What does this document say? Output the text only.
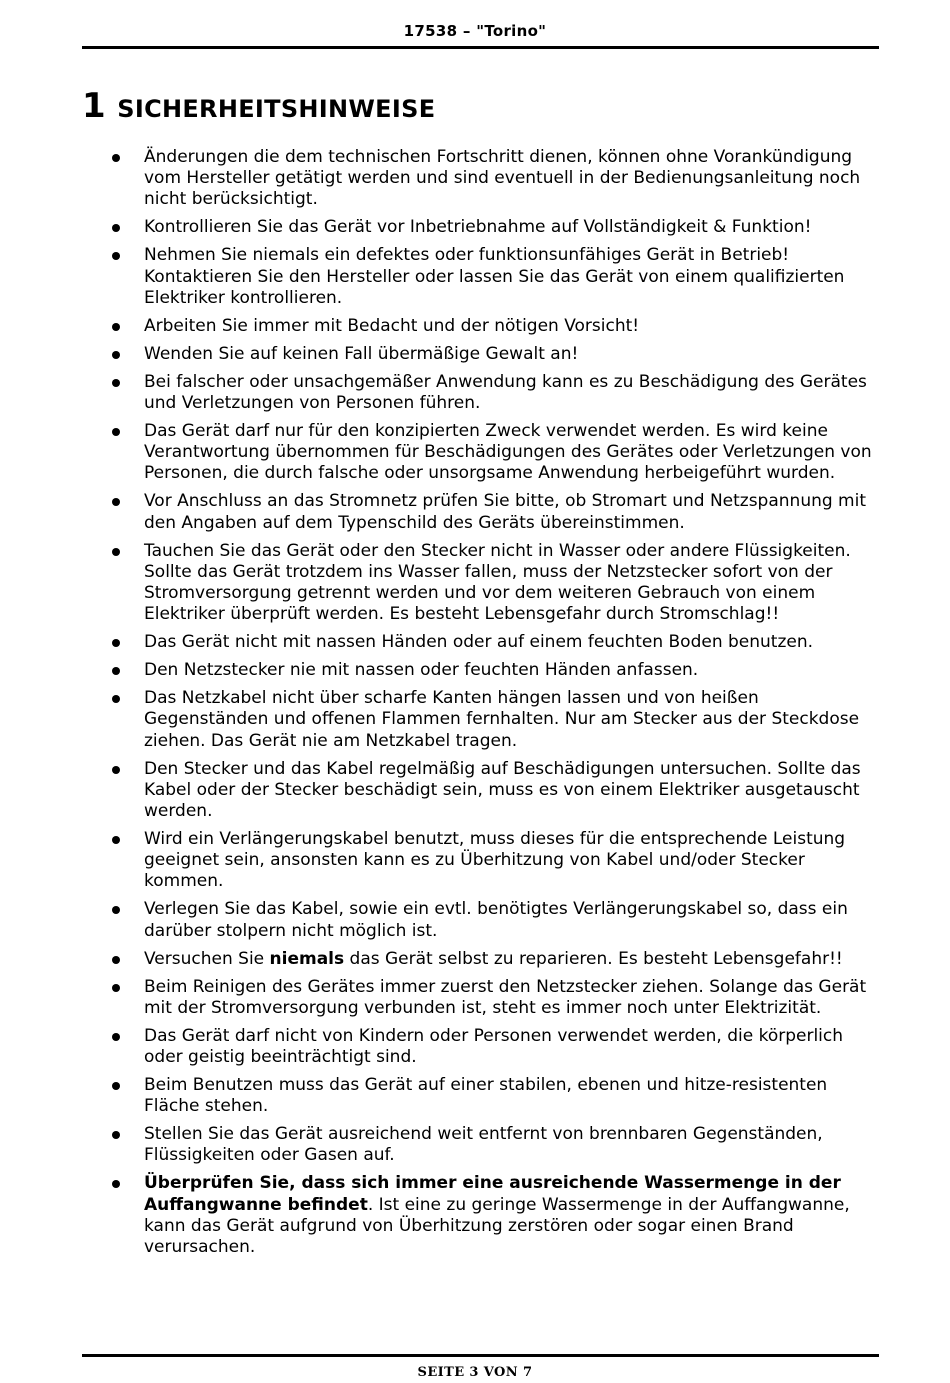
17538 – "Torino"
1 SICHERHEITSHINWEISE
Änderungen die dem technischen Fortschritt dienen, können ohne Vorankündigung vom Hersteller getätigt werden und sind eventuell in der Bedienungsanleitung noch nicht berücksichtigt.
Kontrollieren Sie das Gerät vor Inbetriebnahme auf Vollständigkeit & Funktion!
Nehmen Sie niemals ein defektes oder funktionsunfähiges Gerät in Betrieb! Kontaktieren Sie den Hersteller oder lassen Sie das Gerät von einem qualifizierten Elektriker kontrollieren.
Arbeiten Sie immer mit Bedacht und der nötigen Vorsicht!
Wenden Sie auf keinen Fall übermäßige Gewalt an!
Bei falscher oder unsachgemäßer Anwendung kann es zu Beschädigung des Gerätes und Verletzungen von Personen führen.
Das Gerät darf nur für den konzipierten Zweck verwendet werden. Es wird keine Verantwortung übernommen für Beschädigungen des Gerätes oder Verletzungen von Personen, die durch falsche oder unsorgsame Anwendung herbeigeführt wurden.
Vor Anschluss an das Stromnetz prüfen Sie bitte, ob Stromart und Netzspannung mit den Angaben auf dem Typenschild des Geräts übereinstimmen.
Tauchen Sie das Gerät oder den Stecker nicht in Wasser oder andere Flüssigkeiten. Sollte das Gerät trotzdem ins Wasser fallen, muss der Netzstecker sofort von der Stromversorgung getrennt werden und vor dem weiteren Gebrauch von einem Elektriker überprüft werden. Es besteht Lebensgefahr durch Stromschlag!!
Das Gerät nicht mit nassen Händen oder auf einem feuchten Boden benutzen.
Den Netzstecker nie mit nassen oder feuchten Händen anfassen.
Das Netzkabel nicht über scharfe Kanten hängen lassen und von heißen Gegenständen und offenen Flammen fernhalten. Nur am Stecker aus der Steckdose ziehen. Das Gerät nie am Netzkabel tragen.
Den Stecker und das Kabel regelmäßig auf Beschädigungen untersuchen. Sollte das Kabel oder der Stecker beschädigt sein, muss es von einem Elektriker ausgetauscht werden.
Wird ein Verlängerungskabel benutzt, muss dieses für die entsprechende Leistung geeignet sein, ansonsten kann es zu Überhitzung von Kabel und/oder Stecker kommen.
Verlegen Sie das Kabel, sowie ein evtl. benötigtes Verlängerungskabel so, dass ein darüber stolpern nicht möglich ist.
Versuchen Sie niemals das Gerät selbst zu reparieren. Es besteht Lebensgefahr!!
Beim Reinigen des Gerätes immer zuerst den Netzstecker ziehen. Solange das Gerät mit der Stromversorgung verbunden ist, steht es immer noch unter Elektrizität.
Das Gerät darf nicht von Kindern oder Personen verwendet werden, die körperlich oder geistig beeinträchtigt sind.
Beim Benutzen muss das Gerät auf einer stabilen, ebenen und hitze-resistenten Fläche stehen.
Stellen Sie das Gerät ausreichend weit entfernt von brennbaren Gegenständen, Flüssigkeiten oder Gasen auf.
Überprüfen Sie, dass sich immer eine ausreichende Wassermenge in der Auffangwanne befindet. Ist eine zu geringe Wassermenge in der Auffangwanne, kann das Gerät aufgrund von Überhitzung zerstören oder sogar einen Brand verursachen.
SEITE 3 VON 7
